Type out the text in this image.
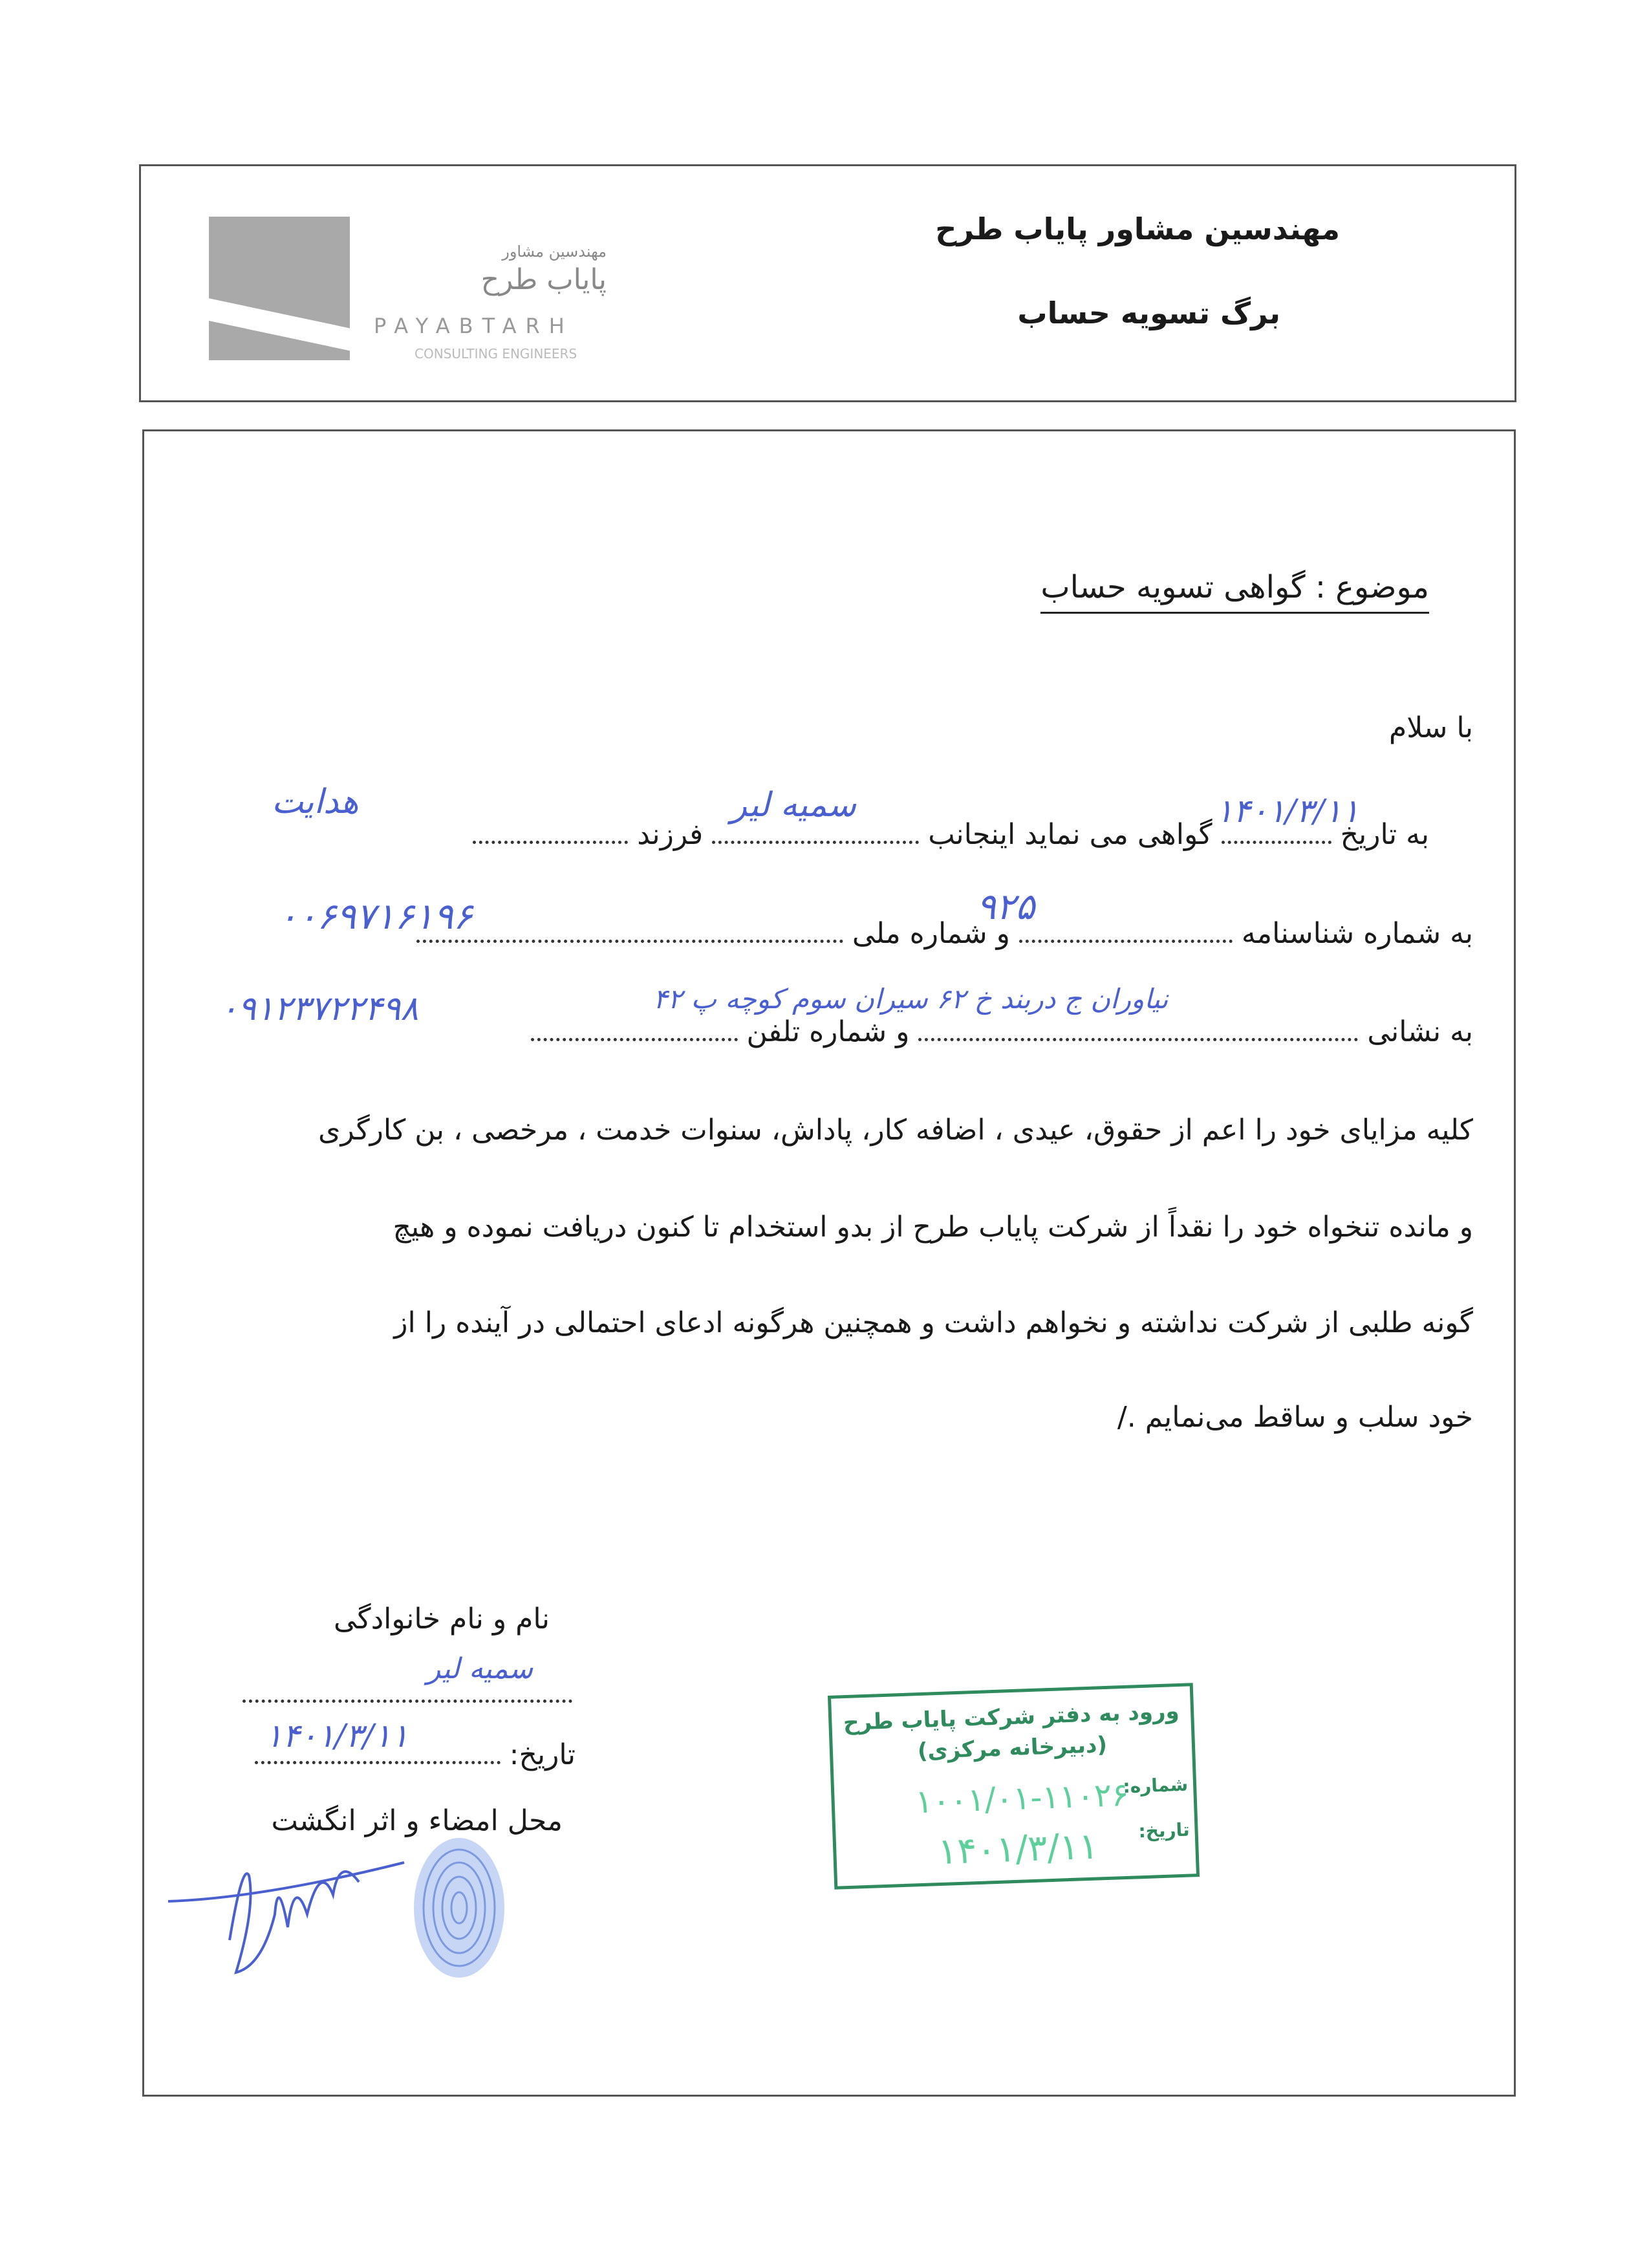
مهندسین مشاور
پایاب طرح
PAYABTARH
CONSULTING ENGINEERS
مهندسین مشاور پایاب طرح
برگ تسویه حساب
موضوع : گواهی تسویه حساب
با سلام
به تاریخ  گواهی می نماید اینجانب  فرزند
۱۴۰۱/۳/۱۱
سمیه لیر
هدایت
به شماره شناسنامه  و شماره ملی
۹۲۵
۰۰۶۹۷۱۶۱۹۶
به نشانی  و شماره تلفن
نیاوران ج دربند خ ۶۲ سیران سوم کوچه پ ۴۲
۰۹۱۲۳۷۲۲۴۹۸
کلیه مزایای خود را اعم از حقوق، عیدی ، اضافه کار، پاداش، سنوات خدمت ، مرخصی ، بن کارگری
و مانده تنخواه خود را نقداً از شرکت پایاب طرح از بدو استخدام تا کنون دریافت نموده و هیچ
گونه طلبی از شرکت نداشته و نخواهم داشت و همچنین هرگونه ادعای احتمالی در آینده را از
خود سلب و ساقط می‌نمایم ./
نام و نام خانوادگی
سمیه لیر
تاریخ:
۱۴۰۱/۳/۱۱
محل امضاء و اثر انگشت
ورود به دفتر شرکت پایاب طرح
(دبیرخانه مرکزی)
شماره:
۱۰۰۱/۰۱-۱۱۰۲۶
تاریخ:
۱۴۰۱/۳/۱۱
